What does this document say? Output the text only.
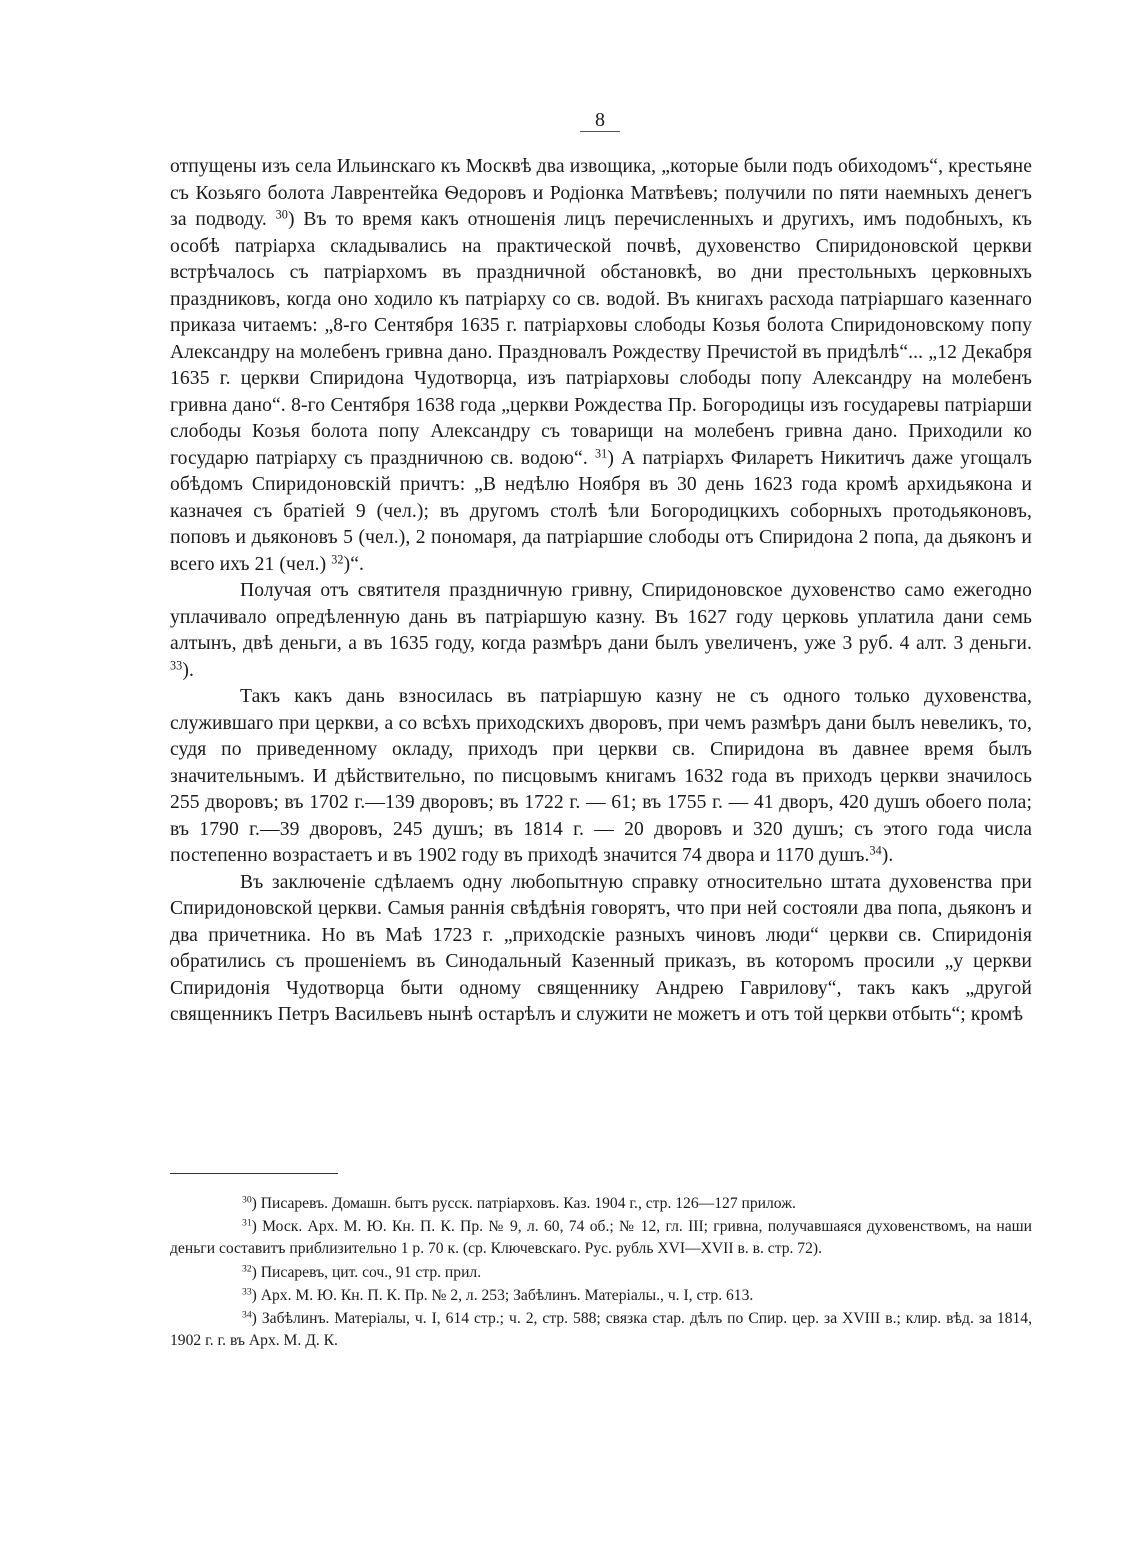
8

отпущены изъ села Ильинскаго къ Москвѣ два извощика, „которые были подъ обиходомъ“, крестьяне съ Козьяго болота Лаврентейка Ѳедоровъ и Родіонка Матвѣевъ; получили по пяти наемныхъ денегъ за подводу. $^{30}$) Въ то время какъ отношенія лицъ перечисленныхъ и другихъ, имъ подобныхъ, къ особѣ патріарха складывались на практической почвѣ, духовенство Спиридоновской церкви встрѣчалось съ патріархомъ въ праздничной обстановкѣ, во дни престольныхъ церковныхъ праздниковъ, когда оно ходило къ патріарху со св. водой. Въ книгахъ расхода патріаршаго казеннаго приказа читаемъ: „8-го Сентября 1635 г. патріарховы слободы Козья болота Спиридоновскому попу Александру на молебенъ гривна дано. Праздновалъ Рождеству Пречистой въ придѣлѣ“... „12 Декабря 1635 г. церкви Спиридона Чудотворца, изъ патріарховы слободы попу Александру на молебенъ гривна дано“. 8-го Сентября 1638 года „церкви Рождества Пр. Богородицы изъ государевы патріарши слободы Козья болота попу Александру съ товарищи на молебенъ гривна дано. Приходили ко государю патріарху съ праздничною св. водою“. $^{31}$) А патріархъ Филаретъ Никитичъ даже угощалъ обѣдомъ Спиридоновскій причтъ: „В недѣлю Ноября въ 30 день 1623 года кромѣ архидьякона и казначея съ братіей 9 (чел.); въ другомъ столѣ ѣли Богородицкихъ соборныхъ протодьяконовъ, поповъ и дьяконовъ 5 (чел.), 2 пономаря, да патріаршие слободы отъ Спиридона 2 попа, да дьяконъ и всего ихъ 21 (чел.) $^{32}$)“.

Получая отъ святителя праздничную гривну, Спиридоновское духовенство само ежегодно уплачивало опредѣленную дань въ патріаршую казну. Въ 1627 году церковь уплатила дани семь алтынъ, двѣ деньги, а въ 1635 году, когда размѣръ дани былъ увеличенъ, уже 3 руб. 4 алт. 3 деньги. $^{33}$).

Такъ какъ дань взносилась въ патріаршую казну не съ одного только духовенства, служившаго при церкви, а со всѣхъ приходскихъ дворовъ, при чемъ размѣръ дани былъ невеликъ, то, судя по приведенному окладу, приходъ при церкви св. Спиридона въ давнее время былъ значительнымъ. И дѣйствительно, по писцовымъ книгамъ 1632 года въ приходъ церкви значилось 255 дворовъ; въ 1702 г.—139 дворовъ; въ 1722 г. — 61; въ 1755 г. — 41 дворъ, 420 душъ обоего пола; въ 1790 г.—39 дворовъ, 245 душъ; въ 1814 г. — 20 дворовъ и 320 душъ; съ этого года числа постепенно возрастаетъ и въ 1902 году въ приходѣ значится 74 двора и 1170 душъ.$^{34}$).

Въ заключеніе сдѣлаемъ одну любопытную справку относительно штата духовенства при Спиридоновской церкви. Самыя раннія свѣдѣнія говорятъ, что при ней состояли два попа, дьяконъ и два причетника. Но въ Маѣ 1723 г. „приходскіе разныхъ чиновъ люди“ церкви св. Спиридонія обратились съ прошеніемъ въ Синодальный Казенный приказъ, въ которомъ просили „у церкви Спиридонія Чудотворца быти одному священнику Андрею Гаврилову“, такъ какъ „другой священникъ Петръ Васильевъ нынѣ остарѣлъ и служити не можетъ и отъ той церкви отбыть“; кромѣ

$^{30}$) Писаревъ. Домашн. бытъ русск. патріарховъ. Каз. 1904 г., стр. 126—127 прилож.

$^{31}$) Моск. Арх. М. Ю. Кн. П. К. Пр. № 9, л. 60, 74 об.; № 12, гл. III; гривна, получавшаяся духовенствомъ, на наши деньги составитъ приблизительно 1 р. 70 к. (ср. Ключевскаго. Рус. рубль XVI—XVII в. в. стр. 72).

$^{32}$) Писаревъ, цит. соч., 91 стр. прил.

$^{33}$) Арх. М. Ю. Кн. П. К. Пр. № 2, л. 253; Забѣлинъ. Матеріалы., ч. I, стр. 613.

$^{34}$) Забѣлинъ. Матеріалы, ч. I, 614 стр.; ч. 2, стр. 588; связка стар. дѣлъ по Спир. цер. за XVIII в.; клир. вѣд. за 1814, 1902 г. г. въ Арх. М. Д. К.
